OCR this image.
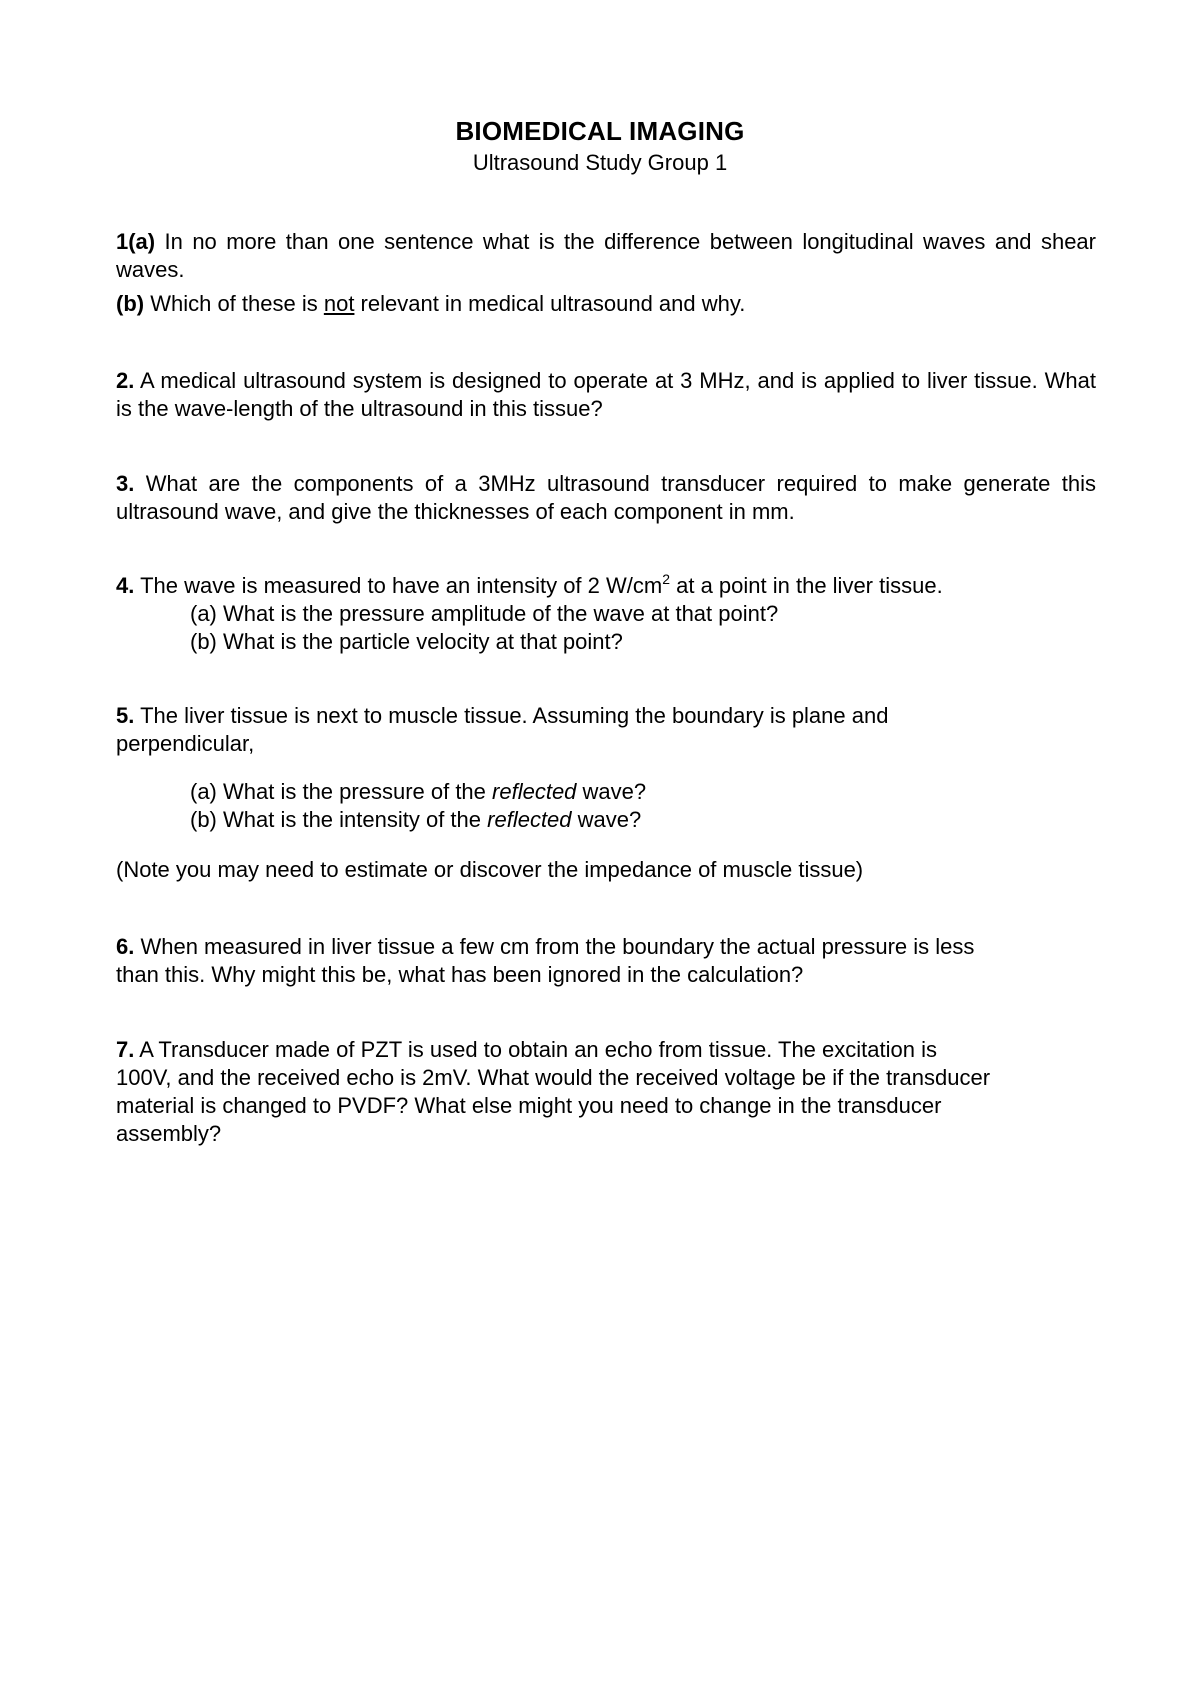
BIOMEDICAL IMAGING
Ultrasound Study Group 1
1(a) In no more than one sentence what is the difference between longitudinal waves and shear waves.
(b) Which of these is not relevant in medical ultrasound and why.
2. A medical ultrasound system is designed to operate at 3 MHz, and is applied to liver tissue. What is the wave-length of the ultrasound in this tissue?
3. What are the components of a 3MHz ultrasound transducer required to make generate this ultrasound wave, and give the thicknesses of each component in mm.
4. The wave is measured to have an intensity of 2 $W/cm^2$ at a point in the liver tissue.
(a) What is the pressure amplitude of the wave at that point?
(b) What is the particle velocity at that point?
5. The liver tissue is next to muscle tissue. Assuming the boundary is plane and
perpendicular,
(a) What is the pressure of the reflected wave?
(b) What is the intensity of the reflected wave?
(Note you may need to estimate or discover the impedance of muscle tissue)
6. When measured in liver tissue a few cm from the boundary the actual pressure is less
than this. Why might this be, what has been ignored in the calculation?
7. A Transducer made of PZT is used to obtain an echo from tissue. The excitation is
100V, and the received echo is 2mV. What would the received voltage be if the transducer
material is changed to PVDF? What else might you need to change in the transducer
assembly?
